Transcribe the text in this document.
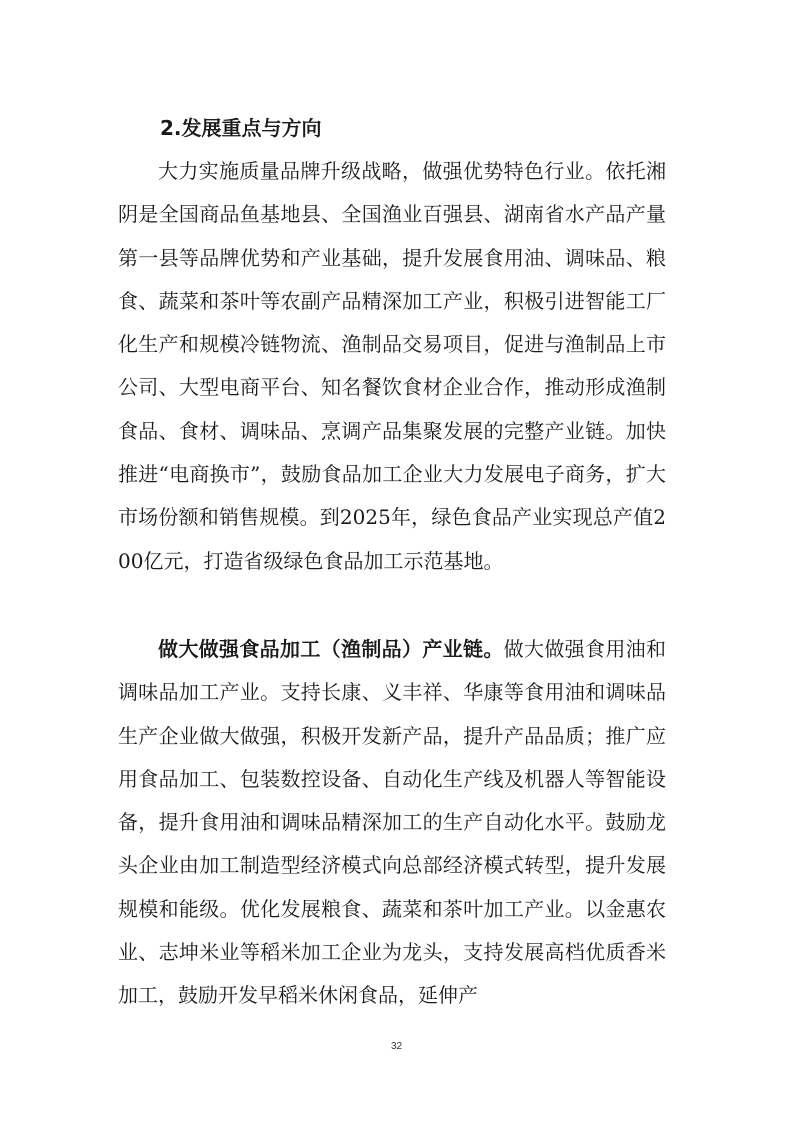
2.发展重点与方向

大力实施质量品牌升级战略，做强优势特色行业。依托湘阴是全国商品鱼基地县、全国渔业百强县、湖南省水产品产量第一县等品牌优势和产业基础，提升发展食用油、调味品、粮食、蔬菜和茶叶等农副产品精深加工产业，积极引进智能工厂化生产和规模冷链物流、渔制品交易项目，促进与渔制品上市公司、大型电商平台、知名餐饮食材企业合作，推动形成渔制食品、食材、调味品、烹调产品集聚发展的完整产业链。加快推进“电商换市”，鼓励食品加工企业大力发展电子商务，扩大市场份额和销售规模。到2025年，绿色食品产业实现总产值200亿元，打造省级绿色食品加工示范基地。

做大做强食品加工（渔制品）产业链。做大做强食用油和调味品加工产业。支持长康、义丰祥、华康等食用油和调味品生产企业做大做强，积极开发新产品，提升产品品质；推广应用食品加工、包装数控设备、自动化生产线及机器人等智能设备，提升食用油和调味品精深加工的生产自动化水平。鼓励龙头企业由加工制造型经济模式向总部经济模式转型，提升发展规模和能级。优化发展粮食、蔬菜和茶叶加工产业。以金惠农业、志坤米业等稻米加工企业为龙头，支持发展高档优质香米加工，鼓励开发早稻米休闲食品，延伸产

32
